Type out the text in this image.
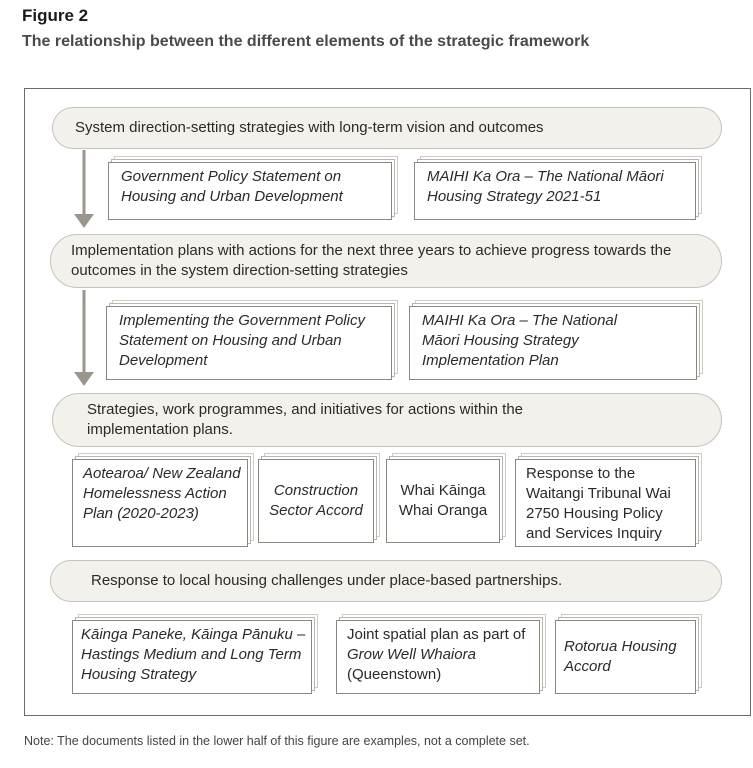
Figure 2
The relationship between the different elements of the strategic framework
System direction-setting strategies with long-term vision and outcomes
Government Policy Statement on Housing and Urban Development
MAIHI Ka Ora – The National Māori Housing Strategy 2021-51
Implementation plans with actions for the next three years to achieve progress towards the outcomes in the system direction-setting strategies
Implementing the Government Policy Statement on Housing and Urban Development
MAIHI Ka Ora – The National Māori Housing Strategy Implementation Plan
Strategies, work programmes, and initiatives for actions within the implementation plans.
Aotearoa/ New Zealand Homelessness Action Plan (2020-2023)
Construction Sector Accord
Whai Kāinga Whai Oranga
Response to the Waitangi Tribunal Wai 2750 Housing Policy and Services Inquiry
Response to local housing challenges under place-based partnerships.
Kāinga Paneke, Kāinga Pānuku – Hastings Medium and Long Term Housing Strategy
Joint spatial plan as part of Grow Well Whaiora (Queenstown)
Rotorua Housing Accord
Note: The documents listed in the lower half of this figure are examples, not a complete set.
